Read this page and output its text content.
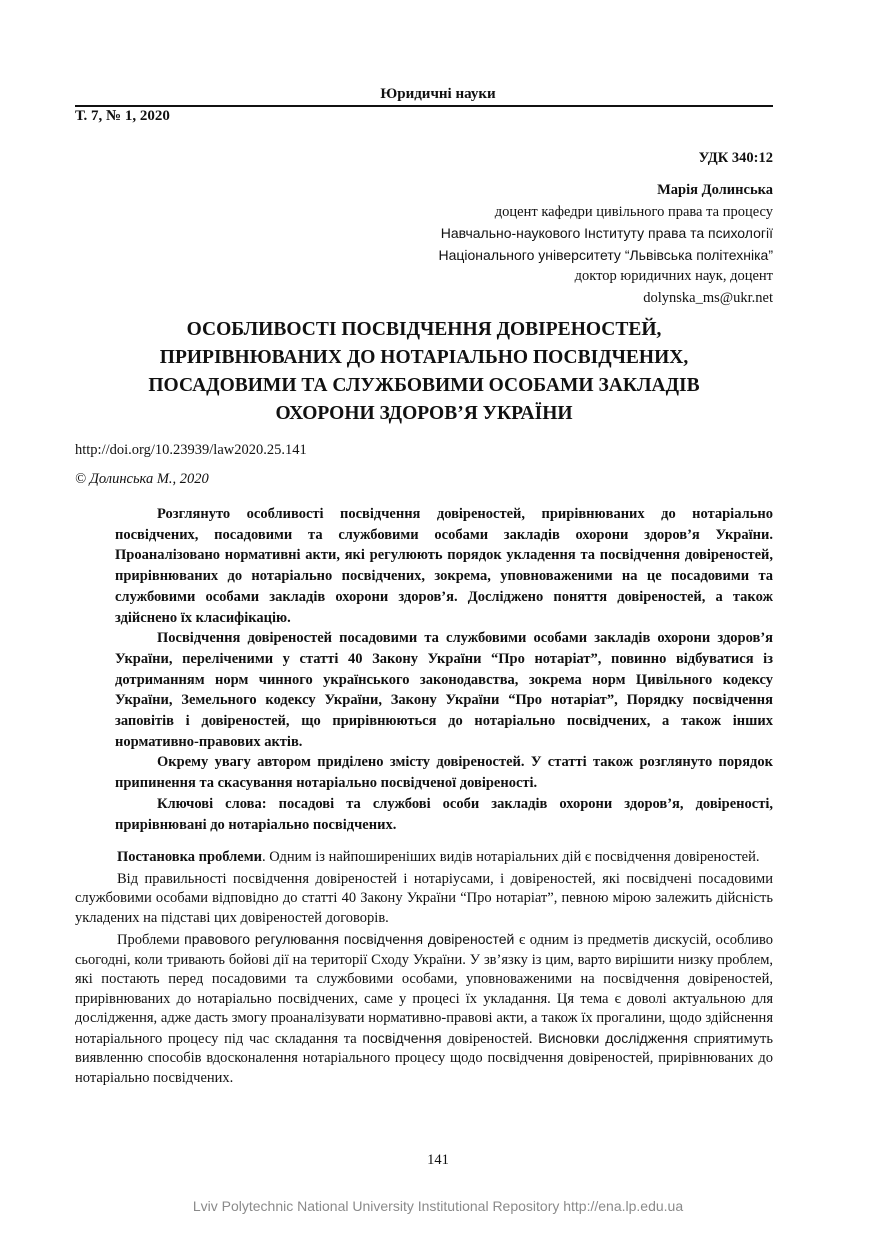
Юридичні науки
Т. 7, № 1, 2020
УДК 340:12
Марія Долинська
доцент кафедри цивільного права та процесу
Навчально-наукового Інституту права та психології
Національного університету “Львівська політехніка”
доктор юридичних наук, доцент
dolynska_ms@ukr.net
ОСОБЛИВОСТІ ПОСВІДЧЕННЯ ДОВІРЕНОСТЕЙ,
ПРИРІВНЮВАНИХ ДО НОТАРІАЛЬНО ПОСВІДЧЕНИХ,
ПОСАДОВИМИ ТА СЛУЖБОВИМИ ОСОБАМИ ЗАКЛАДІВ
ОХОРОНИ ЗДОРОВ’Я УКРАЇНИ
http://doi.org/10.23939/law2020.25.141
© Долинська М., 2020

Розглянуто особливості посвідчення довіреностей, прирівнюваних до нотаріально посвідчених, посадовими та службовими особами закладів охорони здоров’я України. Проаналізовано нормативні акти, які регулюють порядок укладення та посвідчення довіреностей, прирівнюваних до нотаріально посвідчених, зокрема, уповноваженими на це посадовими та службовими особами закладів охорони здоров’я. Досліджено поняття довіреностей, а також здійснено їх класифікацію.

Посвідчення довіреностей посадовими та службовими особами закладів охорони здоров’я України, переліченими у статті 40 Закону України “Про нотаріат”, повинно відбуватися із дотриманням норм чинного українського законодавства, зокрема норм Цивільного кодексу України, Земельного кодексу України, Закону України “Про нотаріат”, Порядку посвідчення заповітів і довіреностей, що прирівнюються до нотаріально посвідчених, а також інших нормативно-правових актів.

Окрему увагу автором приділено змісту довіреностей. У статті також розглянуто порядок припинення та скасування нотаріально посвідченої довіреності.

Ключові слова: посадові та службові особи закладів охорони здоров’я, довіреності, прирівнювані до нотаріально посвідчених.

Постановка проблеми. Одним із найпоширеніших видів нотаріальних дій є посвідчення довіреностей.

Від правильності посвідчення довіреностей і нотаріусами, і довіреностей, які посвідчені посадовими службовими особами відповідно до статті 40 Закону України “Про нотаріат”, певною мірою залежить дійсність укладених на підставі цих довіреностей договорів.

Проблеми правового регулювання посвідчення довіреностей є одним із предметів дискусій, особливо сьогодні, коли тривають бойові дії на території Сходу України. У зв’язку із цим, варто вирішити низку проблем, які постають перед посадовими та службовими особами, уповноваженими на посвідчення довіреностей, прирівнюваних до нотаріально посвідчених, саме у процесі їх укладання. Ця тема є доволі актуальною для дослідження, адже дасть змогу проаналізувати нормативно-правові акти, а також їх прогалини, щодо здійснення нотаріального процесу під час складання та посвідчення довіреностей. Висновки дослідження сприятимуть виявленню способів вдосконалення нотаріального процесу щодо посвідчення довіреностей, прирівнюваних до нотаріально посвідчених.

141
Lviv Polytechnic National University Institutional Repository http://ena.lp.edu.ua
